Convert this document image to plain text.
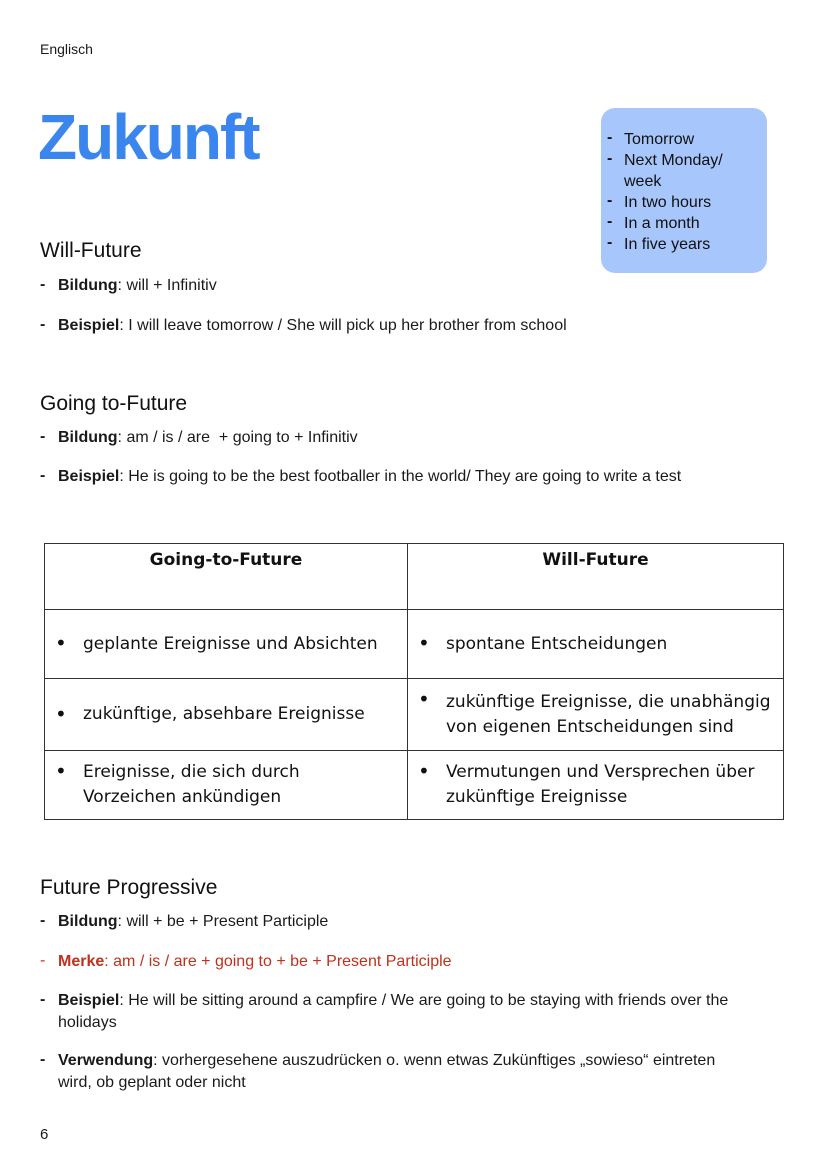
Englisch
Zukunft	- Tomorrow
- Next Monday/ week
- In two hours
- In a month
- In five years
Will-Future
- Bildung: will + Infinitiv
- Beispiel: I will leave tomorrow / She will pick up her brother from school
Going to-Future
- Bildung: am / is / are  + going to + Infinitiv
- Beispiel: He is going to be the best footballer in the world/ They are going to write a test
Going-to-Future	Will-Future
• geplante Ereignisse und Absichten	• spontane Entscheidungen
• zukünftige, absehbare Ereignisse	• zukünftige Ereignisse, die unabhängig von eigenen Entscheidungen sind
• Ereignisse, die sich durch Vorzeichen ankündigen	• Vermutungen und Versprechen über zukünftige Ereignisse
Future Progressive
- Bildung: will + be + Present Participle
- Merke: am / is / are + going to + be + Present Participle
- Beispiel: He will be sitting around a campfire / We are going to be staying with friends over the holidays
- Verwendung: vorhergesehene auszudrücken o. wenn etwas Zukünftiges „sowieso“ eintreten wird, ob geplant oder nicht
6
